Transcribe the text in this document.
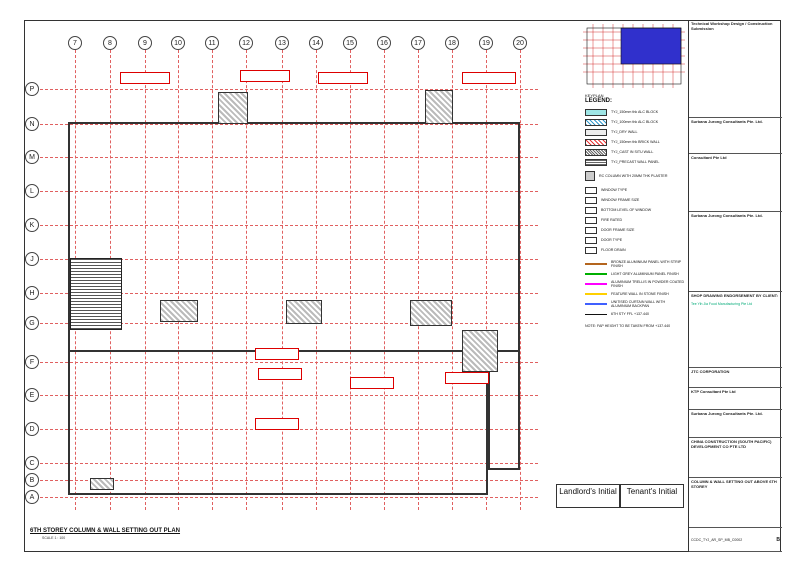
7	8	9	10	11	12	13	14	15	16	17	18	19	20
P
N
M
L
K
J
H
G
F
E
D
C
B
A
KEYPLAN
LEGEND:
TYJ_150mm thk ALC BLOCK
TYJ_100mm thk ALC BLOCK
TYJ_DRY WALL
TYJ_150mm thk BRICK WALL
TYJ_CAST IN SITU WALL
TYJ_PRECAST WALL PANEL
RC COLUMN WITH 20MM THK PLASTER
WINDOW TYPE
WINDOW FRAME SIZE
BOTTOM LEVEL OF WINDOW
FIRE RATED
DOOR FRAME SIZE
DOOR TYPE
FLOOR DRAIN
BRONZE ALUMINIUM PANEL WITH STRIP FINISH
LIGHT GREY ALUMINIUM PANEL FINISH
ALUMINIUM TRELLIS IN POWDER COATED FINISH
FEATURE WALL IN STONE FINISH
UNITISED CURTAIN WALL WITH ALUMINIUM BACKPAN
6TH STY FFL +137.440
NOTE: FAP HEIGHT TO BE TAKEN FROM +137.440
Landlord's Initial	Tenant's Initial
6TH STOREY COLUMN & WALL SETTING OUT PLAN
SCALE 1 : 100
Technical Workshop Design / Construction Submission
Surbana Jurong Consultants Pte. Ltd.
Consultant Pte Ltd
Surbana Jurong Consultants Pte. Ltd.
SHOP DRAWING ENDORSEMENT BY CLIENT:
Tee Yih Jia Food Manufacturing Pte Ltd
JTC CORPORATION
KTP Consultant Pte Ltd
Surbana Jurong Consultants Pte. Ltd.
CHINA CONSTRUCTION (SOUTH PACIFIC) DEVELOPMENT CO PTE LTD
COLUMN & WALL SETTING OUT ABOVE 6TH STOREY
CCDC_TYJ_AR_SP_MB_C0002	B
